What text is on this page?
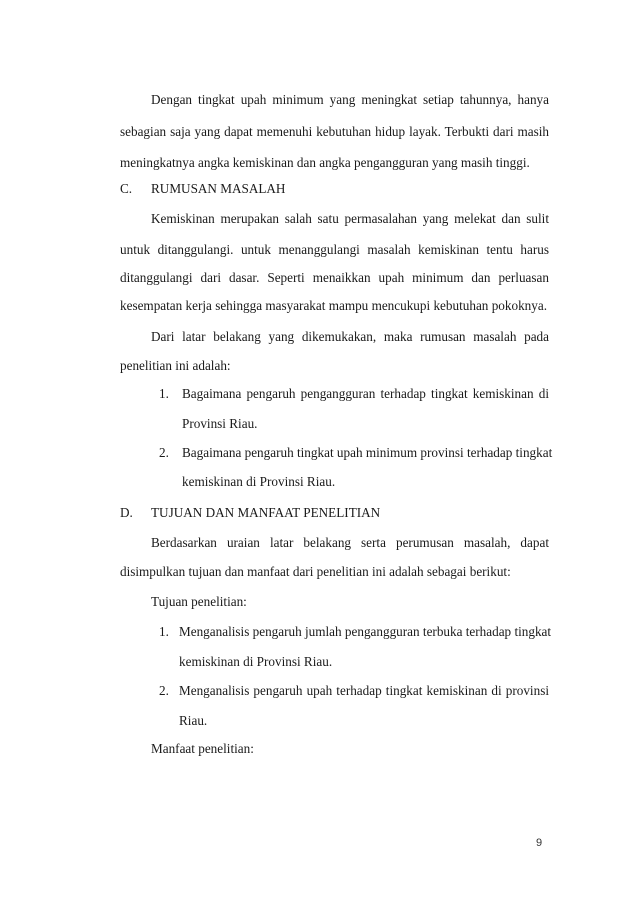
Dengan tingkat upah minimum yang meningkat setiap tahunnya, hanya
sebagian saja yang dapat memenuhi kebutuhan hidup layak. Terbukti dari masih
meningkatnya angka kemiskinan dan angka pengangguran yang masih tinggi.
C. RUMUSAN MASALAH
Kemiskinan merupakan salah satu permasalahan yang melekat dan sulit
untuk ditanggulangi. untuk menanggulangi masalah kemiskinan tentu harus
ditanggulangi dari dasar. Seperti menaikkan upah minimum dan perluasan
kesempatan kerja sehingga masyarakat mampu mencukupi kebutuhan pokoknya.
Dari latar belakang yang dikemukakan, maka rumusan masalah pada
penelitian ini adalah:
1. Bagaimana pengaruh pengangguran terhadap tingkat kemiskinan di
Provinsi Riau.
2. Bagaimana pengaruh tingkat upah minimum provinsi terhadap tingkat
kemiskinan di Provinsi Riau.
D. TUJUAN DAN MANFAAT PENELITIAN
Berdasarkan uraian latar belakang serta perumusan masalah, dapat
disimpulkan tujuan dan manfaat dari penelitian ini adalah sebagai berikut:
Tujuan penelitian:
1. Menganalisis pengaruh jumlah pengangguran terbuka terhadap tingkat
kemiskinan di Provinsi Riau.
2. Menganalisis pengaruh upah terhadap tingkat kemiskinan di provinsi
Riau.
Manfaat penelitian:
9
